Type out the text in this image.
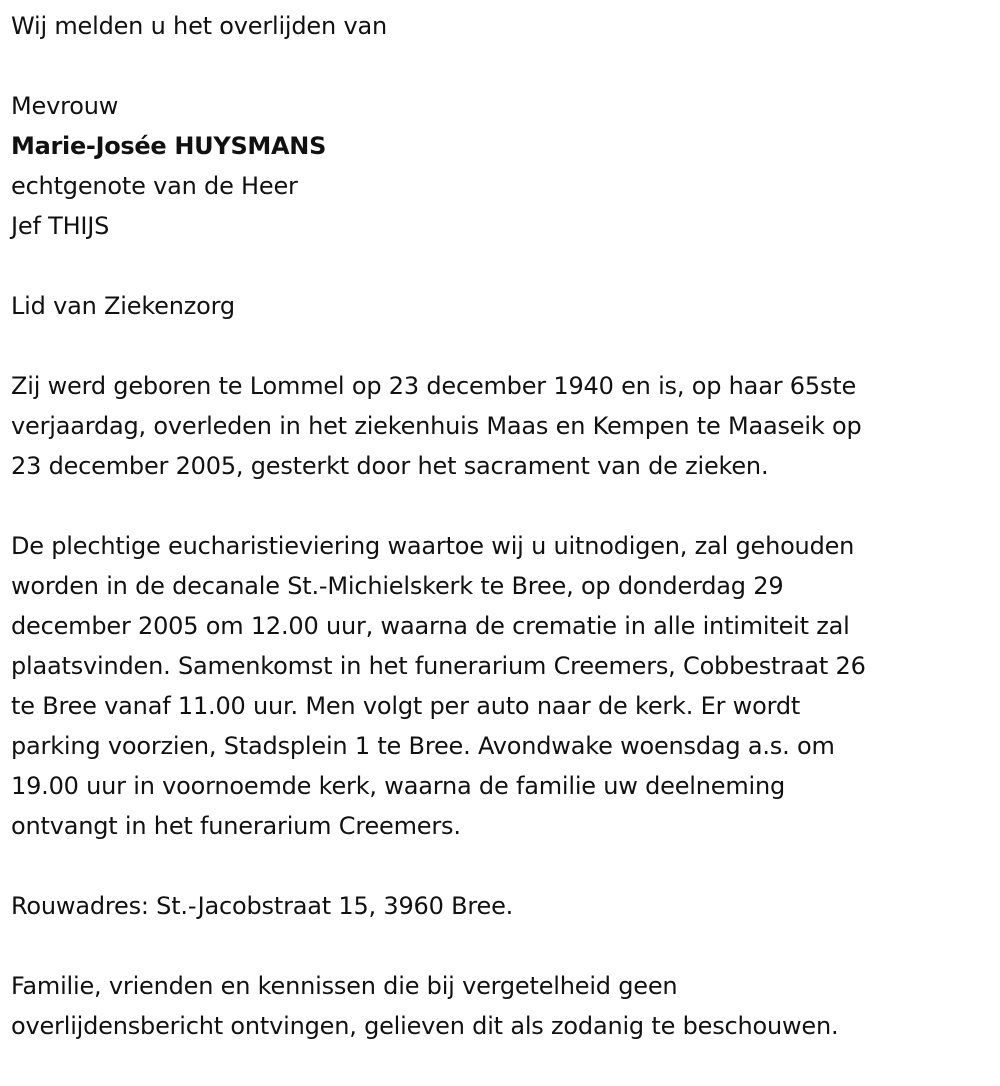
Wij melden u het overlijden van

Mevrouw

Marie-Josée HUYSMANS

echtgenote van de Heer

Jef THIJS

Lid van Ziekenzorg

Zij werd geboren te Lommel op 23 december 1940 en is, op haar 65ste
verjaardag, overleden in het ziekenhuis Maas en Kempen te Maaseik op
23 december 2005, gesterkt door het sacrament van de zieken.
De plechtige eucharistieviering waartoe wij u uitnodigen, zal gehouden
worden in de decanale St.-Michielskerk te Bree, op donderdag 29
december 2005 om 12.00 uur, waarna de crematie in alle intimiteit zal
plaatsvinden. Samenkomst in het funerarium Creemers, Cobbestraat 26
te Bree vanaf 11.00 uur. Men volgt per auto naar de kerk. Er wordt
parking voorzien, Stadsplein 1 te Bree. Avondwake woensdag a.s. om
19.00 uur in voornoemde kerk, waarna de familie uw deelneming
ontvangt in het funerarium Creemers.
Rouwadres: St.-Jacobstraat 15, 3960 Bree.
Familie, vrienden en kennissen die bij vergetelheid geen
overlijdensbericht ontvingen, gelieven dit als zodanig te beschouwen.
